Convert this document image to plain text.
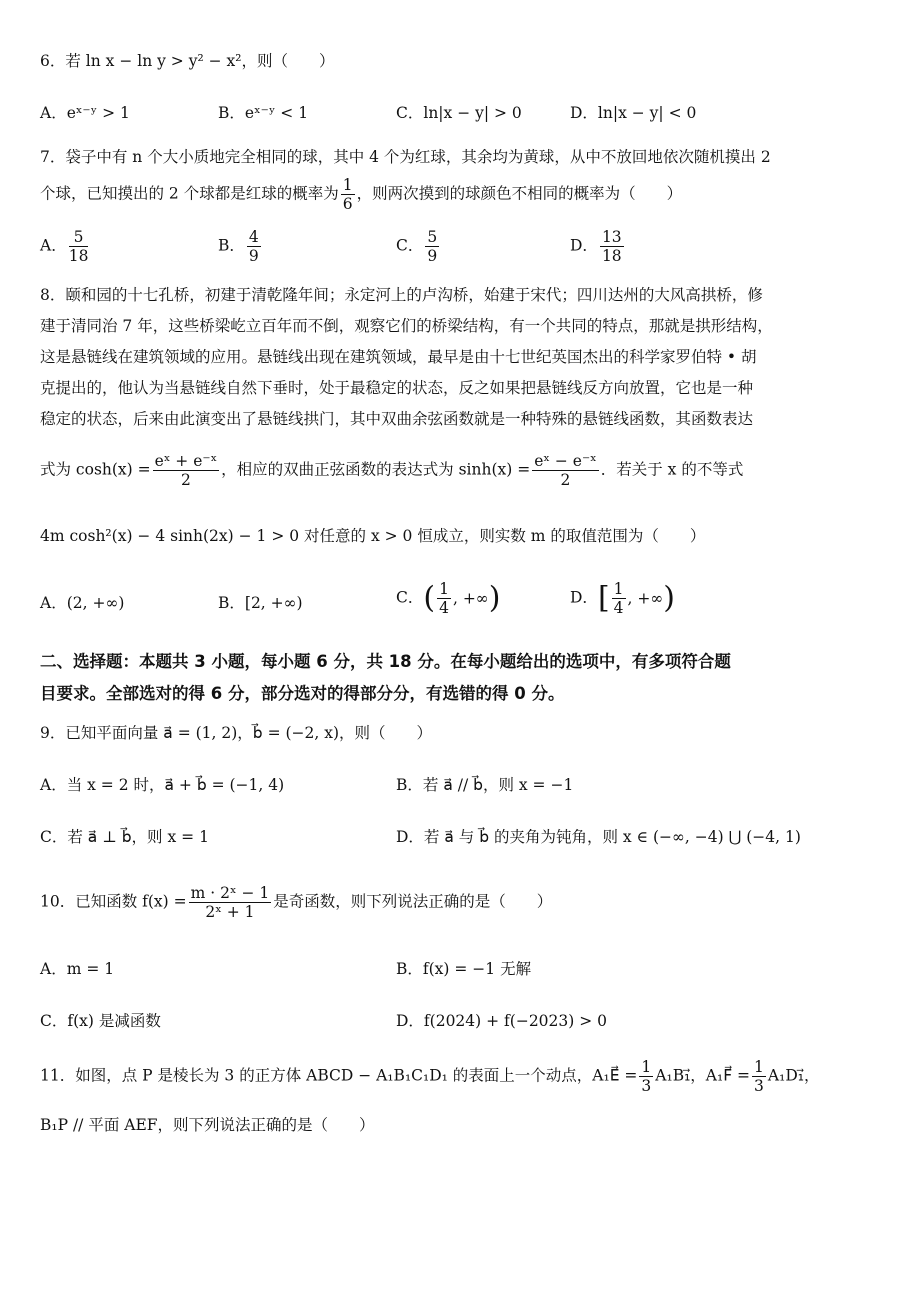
6．若 ln x − ln y > y² − x²，则（　　）
A．eˣ⁻ʸ > 1	B．eˣ⁻ʸ < 1	C．ln|x − y| > 0	D．ln|x − y| < 0
7．袋子中有 n 个大小质地完全相同的球，其中 4 个为红球，其余均为黄球，从中不放回地依次随机摸出 2
个球，已知摸出的 2 个球都是红球的概率为 $\frac{1}{6}$ ，则两次摸到的球颜色不相同的概率为（　　）
A． $\frac{5}{18}$	B． $\frac{4}{9}$	C． $\frac{5}{9}$	D． $\frac{13}{18}$
8．颐和园的十七孔桥，初建于清乾隆年间；永定河上的卢沟桥，始建于宋代；四川达州的大风高拱桥，修
建于清同治 7 年，这些桥梁屹立百年而不倒，观察它们的桥梁结构，有一个共同的特点，那就是拱形结构，
这是悬链线在建筑领域的应用。悬链线出现在建筑领域，最早是由十七世纪英国杰出的科学家罗伯特 • 胡
克提出的，他认为当悬链线自然下垂时，处于最稳定的状态，反之如果把悬链线反方向放置，它也是一种
稳定的状态，后来由此演变出了悬链线拱门，其中双曲余弦函数就是一种特殊的悬链线函数，其函数表达
式为 $\cosh(x) = \frac{\text{eˣ + e⁻ˣ}}{2}$ ，相应的双曲正弦函数的表达式为 $\sinh(x) = \frac{\text{eˣ − e⁻ˣ}}{2}$ ．若关于 x 的不等式
4m cosh²(x) − 4 sinh(2x) − 1 > 0 对任意的 x > 0 恒成立，则实数 m 的取值范围为（　　）
A．(2, +∞)	B．[2, +∞)	C．( $\frac{1}{4}$ , +∞)	D．[ $\frac{1}{4}$ , +∞)
二、选择题：本题共 3 小题，每小题 6 分，共 18 分。在每小题给出的选项中，有多项符合题
目要求。全部选对的得 6 分，部分选对的得部分分，有选错的得 0 分。
9．已知平面向量 a⃗ = (1, 2)，b⃗ = (−2, x)，则（　　）
A．当 x = 2 时，a⃗ + b⃗ = (−1, 4)	B．若 a⃗ // b⃗，则 x = −1
C．若 a⃗ ⊥ b⃗，则 x = 1	D．若 a⃗ 与 b⃗ 的夹角为钝角，则 x ∈ (−∞, −4) ⋃ (−4, 1)
10．已知函数 $f(x) = \frac{\text{m · 2ˣ − 1}}{\text{2ˣ + 1}}$ 是奇函数，则下列说法正确的是（　　）
A．m = 1	B．f(x) = −1 无解
C．f(x) 是减函数	D．f(2024) + f(−2023) > 0
11．如图，点 P 是棱长为 3 的正方体 ABCD − A₁B₁C₁D₁ 的表面上一个动点，A₁E⃗ = $\frac{1}{3}$ A₁B₁⃗，A₁F⃗ = $\frac{1}{3}$ A₁D₁⃗，
B₁P // 平面 AEF，则下列说法正确的是（　　）
